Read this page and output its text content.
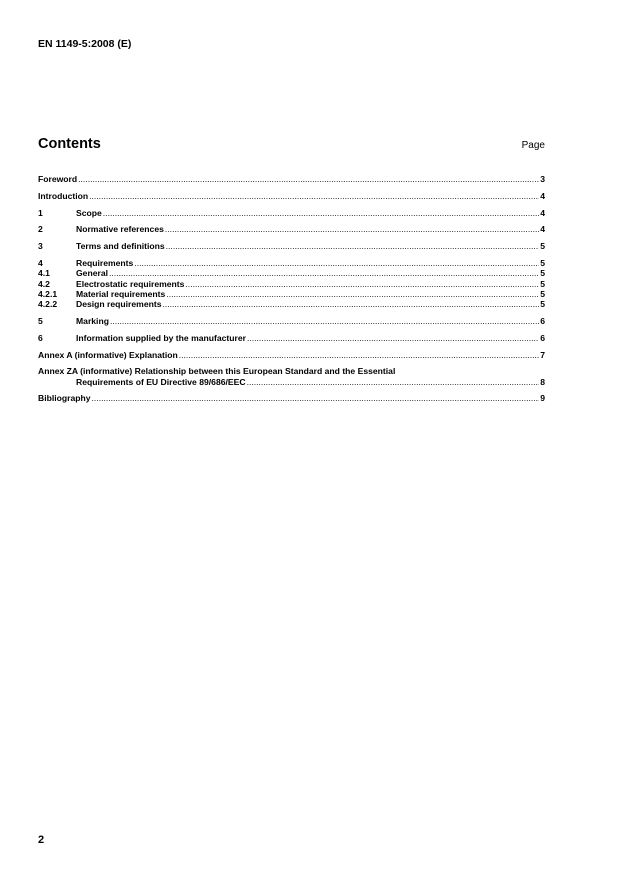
EN 1149-5:2008 (E)
Contents	Page
Foreword .....	3
Introduction .....	4
1	Scope .....	4
2	Normative references .....	4
3	Terms and definitions .....	5
4	Requirements .....	5
4.1	General .....	5
4.2	Electrostatic requirements .....	5
4.2.1	Material requirements .....	5
4.2.2	Design requirements .....	5
5	Marking .....	6
6	Information supplied by the manufacturer .....	6
Annex A (informative) Explanation .....	7
Annex ZA (informative) Relationship between this European Standard and the Essential
Requirements of EU Directive 89/686/EEC .....	8
Bibliography .....	9
2
